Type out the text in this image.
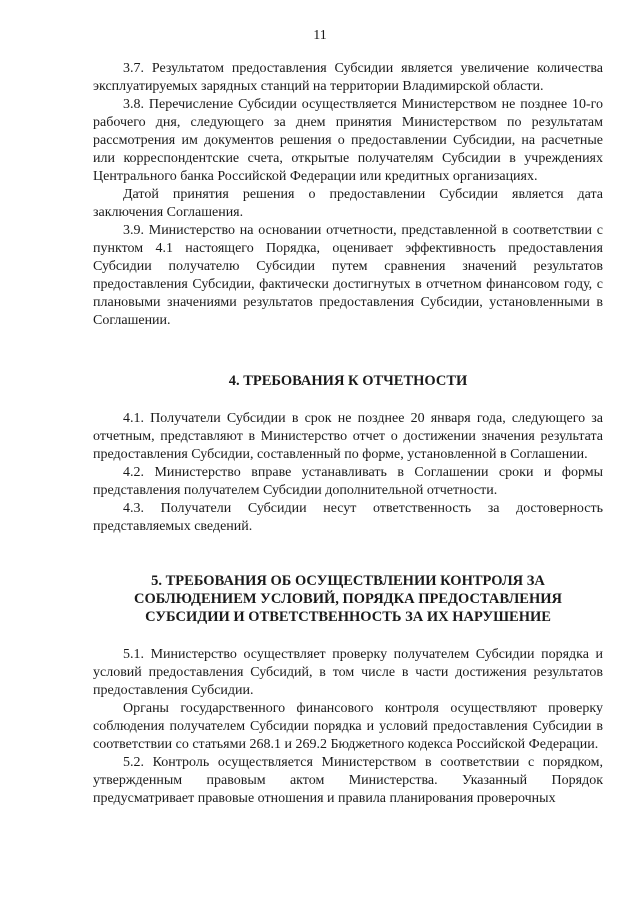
11

3.7. Результатом предоставления Субсидии является увеличение количества эксплуатируемых зарядных станций на территории Владимирской области.

3.8. Перечисление Субсидии осуществляется Министерством не позднее 10-го рабочего дня, следующего за днем принятия Министерством по результатам рассмотрения им документов решения о предоставлении Субсидии, на расчетные или корреспондентские счета, открытые получателям Субсидии в учреждениях Центрального банка Российской Федерации или кредитных организациях.

Датой принятия решения о предоставлении Субсидии является дата заключения Соглашения.

3.9. Министерство на основании отчетности, представленной в соответствии с пунктом 4.1 настоящего Порядка, оценивает эффективность предоставления Субсидии получателю Субсидии путем сравнения значений результатов предоставления Субсидии, фактически достигнутых в отчетном финансовом году, с плановыми значениями результатов предоставления Субсидии, установленными в Соглашении.

4. ТРЕБОВАНИЯ К ОТЧЕТНОСТИ

4.1. Получатели Субсидии в срок не позднее 20 января года, следующего за отчетным, представляют в Министерство отчет о достижении значения результата предоставления Субсидии, составленный по форме, установленной в Соглашении.

4.2. Министерство вправе устанавливать в Соглашении сроки и формы представления получателем Субсидии дополнительной отчетности.

4.3. Получатели Субсидии несут ответственность за достоверность представляемых сведений.

5. ТРЕБОВАНИЯ ОБ ОСУЩЕСТВЛЕНИИ КОНТРОЛЯ ЗА
СОБЛЮДЕНИЕМ УСЛОВИЙ, ПОРЯДКА ПРЕДОСТАВЛЕНИЯ
СУБСИДИИ И ОТВЕТСТВЕННОСТЬ ЗА ИХ НАРУШЕНИЕ

5.1. Министерство осуществляет проверку получателем Субсидии порядка и условий предоставления Субсидий, в том числе в части достижения результатов предоставления Субсидии.

Органы государственного финансового контроля осуществляют проверку соблюдения получателем Субсидии порядка и условий предоставления Субсидии в соответствии со статьями 268.1 и 269.2 Бюджетного кодекса Российской Федерации.

5.2. Контроль осуществляется Министерством в соответствии с порядком, утвержденным правовым актом Министерства. Указанный Порядок предусматривает правовые отношения и правила планирования проверочных
